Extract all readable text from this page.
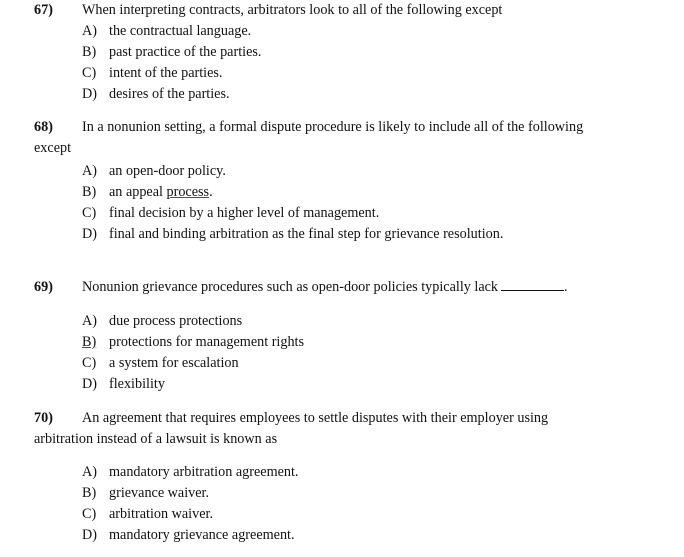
67) When interpreting contracts, arbitrators look to all of the following except
A) the contractual language.
B) past practice of the parties.
C) intent of the parties.
D) desires of the parties.
68) In a nonunion setting, a formal dispute procedure is likely to include all of the following
except
A) an open-door policy.
B) an appeal process.
C) final decision by a higher level of management.
D) final and binding arbitration as the final step for grievance resolution.
69) Nonunion grievance procedures such as open-door policies typically lack	.
A) due process protections
B) protections for management rights
C) a system for escalation
D) flexibility
70) An agreement that requires employees to settle disputes with their employer using
arbitration instead of a lawsuit is known as
A) mandatory arbitration agreement.
B) grievance waiver.
C) arbitration waiver.
D) mandatory grievance agreement.
